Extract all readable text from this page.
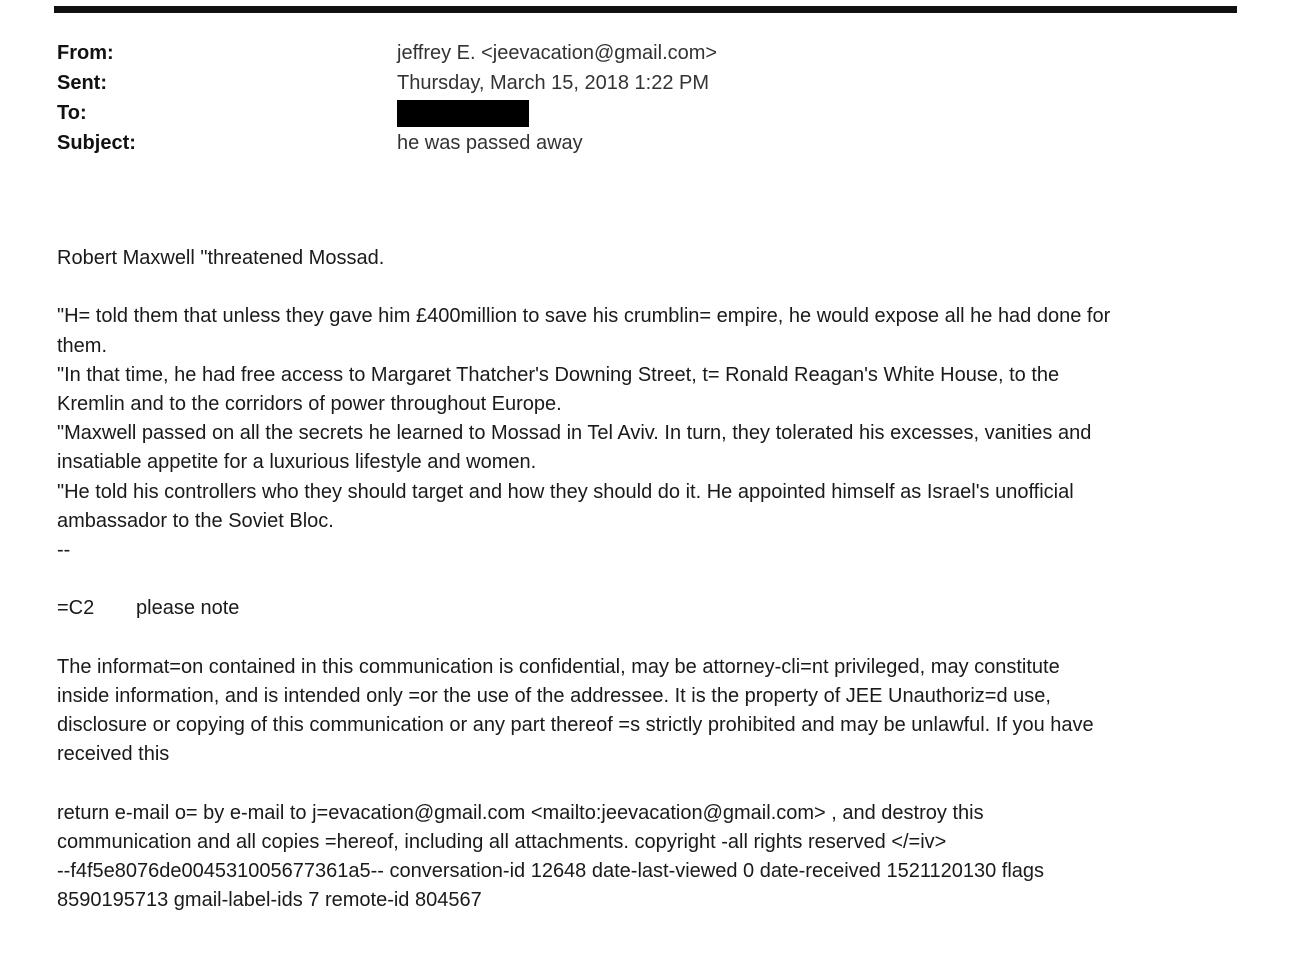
From:	jeffrey E. <jeevacation@gmail.com>
Sent:	Thursday, March 15, 2018 1:22 PM
To:
Subject:	he was passed away

Robert Maxwell "threatened Mossad.

"H= told them that unless they gave him £400million to save his crumblin= empire, he would expose all he had done for

them.

"In that time, he had free access to Margaret Thatcher's Downing Street, t= Ronald Reagan's White House, to the

Kremlin and to the corridors of power throughout Europe.

"Maxwell passed on all the secrets he learned to Mossad in Tel Aviv. In turn, they tolerated his excesses, vanities and

insatiable appetite for a luxurious lifestyle and women.

"He told his controllers who they should target and how they should do it. He appointed himself as Israel's unofficial

ambassador to the Soviet Bloc.

--

=C2 please note

The informat=on contained in this communication is confidential, may be attorney-cli=nt privileged, may constitute

inside information, and is intended only =or the use of the addressee. It is the property of JEE Unauthoriz=d use,

disclosure or copying of this communication or any part thereof =s strictly prohibited and may be unlawful. If you have

received this

return e-mail o= by e-mail to j=evacation@gmail.com <mailto:jeevacation@gmail.com> , and destroy this

communication and all copies =hereof, including all attachments. copyright -all rights reserved </=iv>

--f4f5e8076de004531005677361a5-- conversation-id 12648 date-last-viewed 0 date-received 1521120130 flags

8590195713 gmail-label-ids 7 remote-id 804567
